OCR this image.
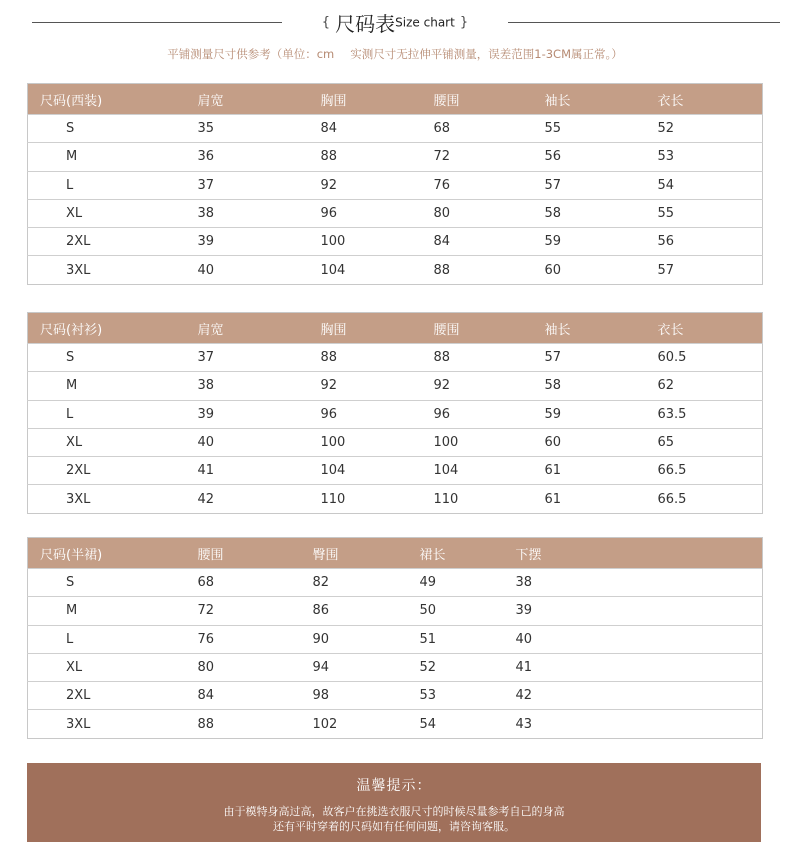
{ 尺码表Size chart }
平铺测量尺寸供参考（单位：cm 实测尺寸无拉伸平铺测量，误差范围1-3CM属正常。）
尺码(西装)	肩宽	胸围	腰围	袖长	衣长
S	35	84	68	55	52
M	36	88	72	56	53
L	37	92	76	57	54
XL	38	96	80	58	55
2XL	39	100	84	59	56
3XL	40	104	88	60	57
尺码(衬衫)	肩宽	胸围	腰围	袖长	衣长
S	37	88	88	57	60.5
M	38	92	92	58	62
L	39	96	96	59	63.5
XL	40	100	100	60	65
2XL	41	104	104	61	66.5
3XL	42	110	110	61	66.5
尺码(半裙)	腰围	臀围	裙长	下摆	
S	68	82	49	38	
M	72	86	50	39	
L	76	90	51	40	
XL	80	94	52	41	
2XL	84	98	53	42	
3XL	88	102	54	43	
温馨提示：
由于模特身高过高，故客户在挑选衣服尺寸的时候尽量参考自己的身高
还有平时穿着的尺码如有任何问题，请咨询客服。
